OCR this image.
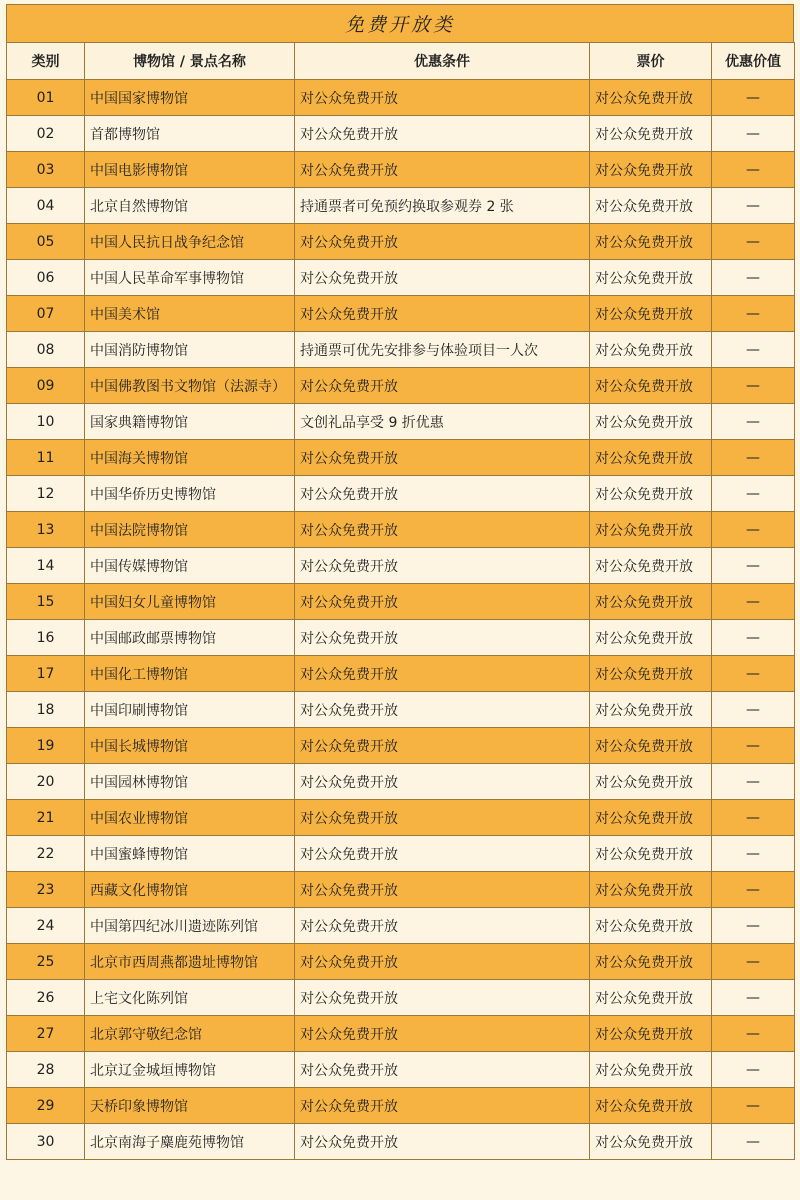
免费开放类
类别	博物馆 / 景点名称	优惠条件	票价	优惠价值
01	中国国家博物馆	对公众免费开放	对公众免费开放	—
02	首都博物馆	对公众免费开放	对公众免费开放	—
03	中国电影博物馆	对公众免费开放	对公众免费开放	—
04	北京自然博物馆	持通票者可免预约换取参观券 2 张	对公众免费开放	—
05	中国人民抗日战争纪念馆	对公众免费开放	对公众免费开放	—
06	中国人民革命军事博物馆	对公众免费开放	对公众免费开放	—
07	中国美术馆	对公众免费开放	对公众免费开放	—
08	中国消防博物馆	持通票可优先安排参与体验项目一人次	对公众免费开放	—
09	中国佛教图书文物馆（法源寺）	对公众免费开放	对公众免费开放	—
10	国家典籍博物馆	文创礼品享受 9 折优惠	对公众免费开放	—
11	中国海关博物馆	对公众免费开放	对公众免费开放	—
12	中国华侨历史博物馆	对公众免费开放	对公众免费开放	—
13	中国法院博物馆	对公众免费开放	对公众免费开放	—
14	中国传媒博物馆	对公众免费开放	对公众免费开放	—
15	中国妇女儿童博物馆	对公众免费开放	对公众免费开放	—
16	中国邮政邮票博物馆	对公众免费开放	对公众免费开放	—
17	中国化工博物馆	对公众免费开放	对公众免费开放	—
18	中国印刷博物馆	对公众免费开放	对公众免费开放	—
19	中国长城博物馆	对公众免费开放	对公众免费开放	—
20	中国园林博物馆	对公众免费开放	对公众免费开放	—
21	中国农业博物馆	对公众免费开放	对公众免费开放	—
22	中国蜜蜂博物馆	对公众免费开放	对公众免费开放	—
23	西藏文化博物馆	对公众免费开放	对公众免费开放	—
24	中国第四纪冰川遗迹陈列馆	对公众免费开放	对公众免费开放	—
25	北京市西周燕都遗址博物馆	对公众免费开放	对公众免费开放	—
26	上宅文化陈列馆	对公众免费开放	对公众免费开放	—
27	北京郭守敬纪念馆	对公众免费开放	对公众免费开放	—
28	北京辽金城垣博物馆	对公众免费开放	对公众免费开放	—
29	天桥印象博物馆	对公众免费开放	对公众免费开放	—
30	北京南海子麋鹿苑博物馆	对公众免费开放	对公众免费开放	—
